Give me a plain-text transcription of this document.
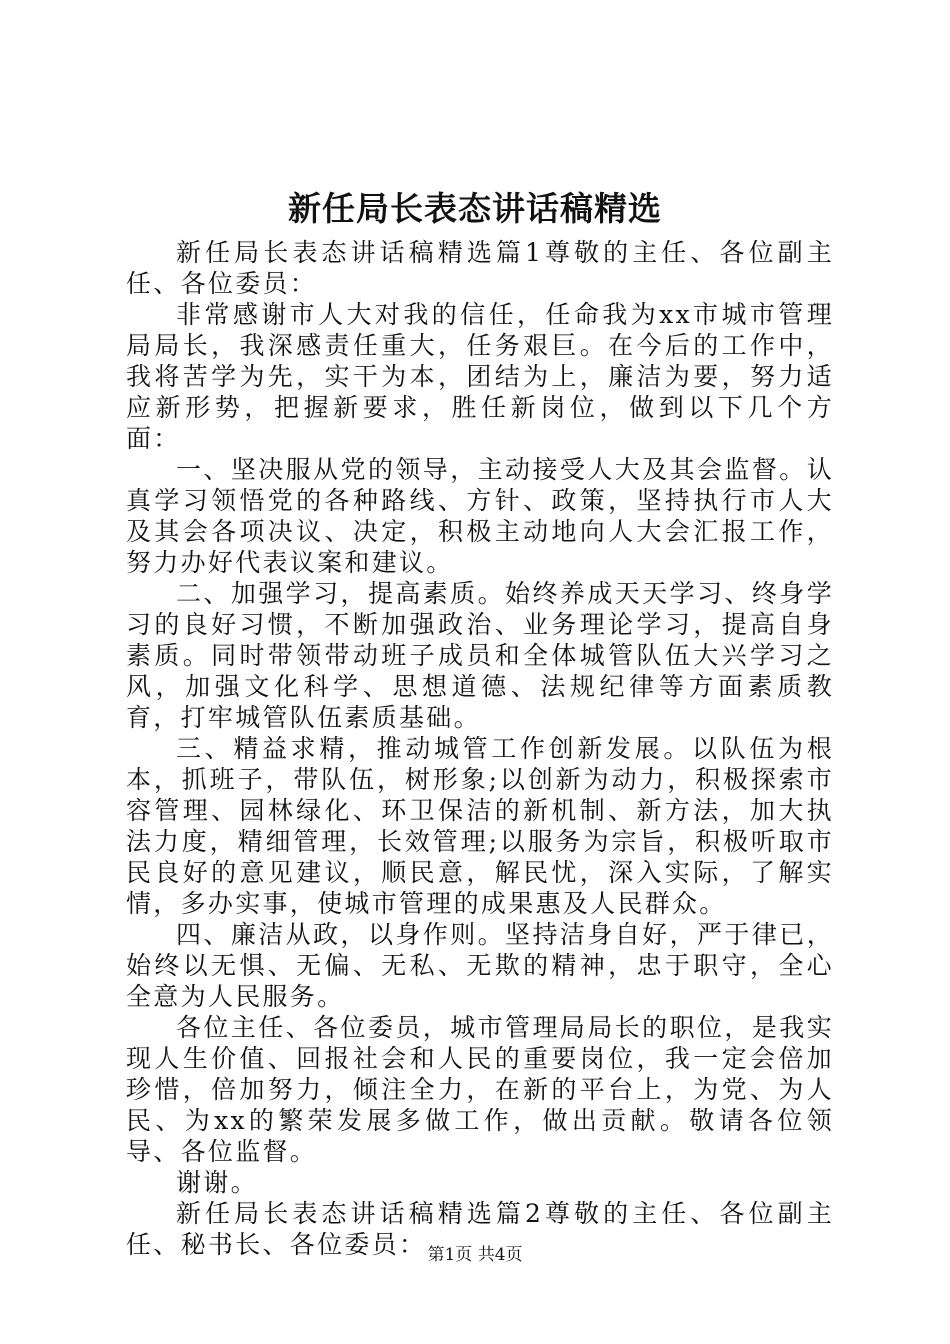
新任局长表态讲话稿精选

新任局长表态讲话稿精选篇1尊敬的主任、各位副主任、各位委员：

非常感谢市人大对我的信任，任命我为xx市城市管理局局长，我深感责任重大，任务艰巨。在今后的工作中，我将苦学为先，实干为本，团结为上，廉洁为要，努力适应新形势，把握新要求，胜任新岗位，做到以下几个方面：

一、坚决服从党的领导，主动接受人大及其会监督。认真学习领悟党的各种路线、方针、政策，坚持执行市人大及其会各项决议、决定，积极主动地向人大会汇报工作，努力办好代表议案和建议。

二、加强学习，提高素质。始终养成天天学习、终身学习的良好习惯，不断加强政治、业务理论学习，提高自身素质。同时带领带动班子成员和全体城管队伍大兴学习之风，加强文化科学、思想道德、法规纪律等方面素质教育，打牢城管队伍素质基础。

三、精益求精，推动城管工作创新发展。以队伍为根本，抓班子，带队伍，树形象;以创新为动力，积极探索市容管理、园林绿化、环卫保洁的新机制、新方法，加大执法力度，精细管理，长效管理;以服务为宗旨，积极听取市民良好的意见建议，顺民意，解民忧，深入实际，了解实情，多办实事，使城市管理的成果惠及人民群众。

四、廉洁从政，以身作则。坚持洁身自好，严于律已，始终以无惧、无偏、无私、无欺的精神，忠于职守，全心全意为人民服务。

各位主任、各位委员，城市管理局局长的职位，是我实现人生价值、回报社会和人民的重要岗位，我一定会倍加珍惜，倍加努力，倾注全力，在新的平台上，为党、为人民、为xx的繁荣发展多做工作，做出贡献。敬请各位领导、各位监督。

谢谢。

新任局长表态讲话稿精选篇2尊敬的主任、各位副主任、秘书长、各位委员： 第1页 共4页
